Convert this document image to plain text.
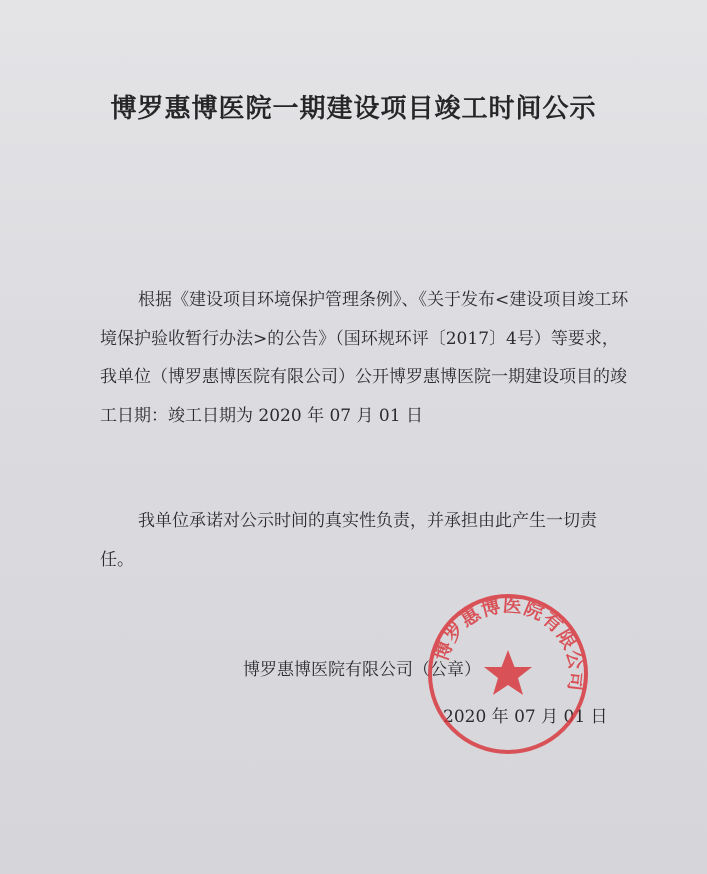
博罗惠博医院一期建设项目竣工时间公示
根据《建设项目环境保护管理条例》、《关于发布<建设项目竣工环境保护验收暂行办法>的公告》（国环规环评〔2017〕4号）等要求，我单位（博罗惠博医院有限公司）公开博罗惠博医院一期建设项目的竣工日期：竣工日期为 2020 年 07 月 01 日
我单位承诺对公示时间的真实性负责，并承担由此产生一切责任。
博罗惠博医院有限公司（公章）
2020 年 07 月 01 日
博罗惠博医院有限公司
